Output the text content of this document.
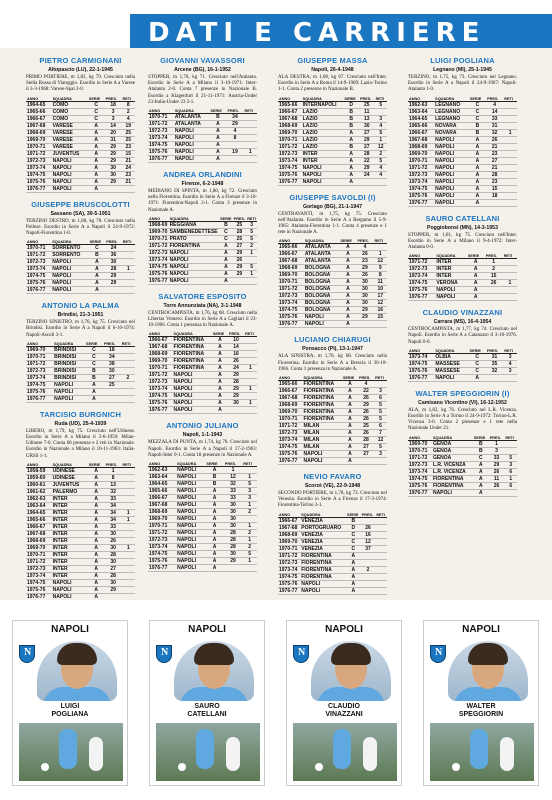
DATI E CARRIERE
PIETRO CARMIGNANI
Altopascio (LU), 22-1-1945
PRIMO PORTIERE, m 1,82, kg 79. Cresciuto nella Stella Rossa di Viareggio. Esordio in Serie A a Varese il 3-3-1968: Varese-Spal 2-0.
ANNO	SQUADRA	SERIE	PRES.	RETI
1964-65	COMO	C	18	8
1965-66	COMO	C	3	2
1966-67	COMO	C	3	4
1967-68	VARESE	A	14	19
1968-69	VARESE	A	20	25
1969-70	VARESE	A	31	25
1970-71	VARESE	A	29	23
1971-72	JUVENTUS	A	29	15
1972-73	NAPOLI	A	29	21
1973-74	NAPOLI	A	30	24
1974-75	NAPOLI	A	30	23
1975-76	NAPOLI	A	29	21
1976-77	NAPOLI	A		
GIUSEPPE BRUSCOLOTTI
Sassano (SA), 30-5-1951
TERZINO DESTRO, m 1,80, kg 78. Cresciuto nella Pollese. Esordio in Serie A a Napoli il 24-9-1972: Napoli-Fiorentina 1-0.
ANNO	SQUADRA	SERIE	PRES.	RETI
1970-71	SORRENTO	C	24	
1971-72	SORRENTO	B	36	
1972-73	NAPOLI	A	30	
1973-74	NAPOLI	A	28	1
1974-75	NAPOLI	A	29	
1975-76	NAPOLI	A	29	
1976-77	NAPOLI	A		
ANTONIO LA PALMA
Brindisi, 21-3-1951
TERZINO SINISTRO, m 1,76, kg 75. Cresciuto nel Brindisi. Esordio in Serie A a Napoli il 6-10-1974: Napoli-Ascoli 3-1.
ANNO	SQUADRA	SERIE	PRES.	RETI
1969-70	BRINDISI	C	18	
1970-71	BRINDISI	C	34	
1971-72	BRINDISI	C	38	
1972-73	BRINDISI	B	30	
1973-74	BRINDISI	B	27	2
1974-75	NAPOLI	A	25	
1975-76	NAPOLI	A		
1976-77	NAPOLI	A		
TARCISIO BURGNICH
Ruda (UD), 25-4-1939
LIBERO, m 1,79, kg 75. Cresciuto nell'Udinese. Esordio in Serie A a Milano il 2-6-1959: Milan-Udinese 7-0. Conta 66 presenze e 2 reti in Nazionale. Esordio in Nazionale a Milano il 10-11-1963: Italia-URSS 1-1.
ANNO	SQUADRA	SERIE	PRES.	RETI
1958-59	UDINESE	A	1	
1959-60	UDINESE	A	8	
1960-61	JUVENTUS	A	13	
1961-62	PALERMO	A	32	
1962-63	INTER	A	33	
1963-64	INTER	A	34	
1964-65	INTER	A	34	1
1965-66	INTER	A	34	1
1966-67	INTER	A	33	
1967-68	INTER	A	30	
1968-69	INTER	A	26	
1969-70	INTER	A	30	1
1970-71	INTER	A	28	
1971-72	INTER	A	30	
1972-73	INTER	A	27	
1973-74	INTER	A	28	
1974-75	NAPOLI	A	30	
1975-76	NAPOLI	A	29	
1976-77	NAPOLI	A		
GIOVANNI VAVASSORI
Arcene (BG), 16-1-1952
STOPPER, m 1,76, kg 71. Cresciuto nell'Atalanta. Esordio in Serie A a Milano il 3-10-1971: Inter-Atalanta 2-0. Conta 7 presenze in Nazionale B. Esordio a Klagenfurt il 21-11-1971: Austria-Under 23-Italia-Under 23 2-1.
ANNO	SQUADRA	SERIE	PRES.	RETI
1970-71	ATALANTA	B	34	
1971-72	ATALANTA	A	29	
1972-73	NAPOLI	A	4	
1973-74	NAPOLI	A	8	
1974-75	NAPOLI	A		
1975-76	NAPOLI	A	19	1
1976-77	NAPOLI	A		
ANDREA ORLANDINI
Firenze, 6-2-1948
MEDIANO DI SPINTA, m 1,80, kg 72. Cresciuto nella Fiorentina. Esordio in Serie A a Firenze il 3-10-1971: Fiorentina-Napoli 2-1. Conta 3 presenze in Nazionale A.
ANNO	SQUADRA	SERIE	PRES.	RETI
1968-69	REGGIANA	B	25	3
1969-70	SAMBENEDETTESE	C	28	5
1970-71	PRATO	C	25	5
1971-72	FIORENTINA	A	27	2
1972-73	NAPOLI	A	29	1
1973-74	NAPOLI	A	26	
1974-75	NAPOLI	A	29	5
1975-76	NAPOLI	A	29	1
1976-77	NAPOLI	A		
SALVATORE ESPOSITO
Torre Annunziata (NA), 3-1-1948
CENTROCAMPISTA, m 1,76, kg 68. Cresciuto nella Libertas Vomero. Esordio in Serie A a Cagliari il 23-10-1966. Conta 1 presenza in Nazionale A.
ANNO	SQUADRA	SERIE	PRES.	RETI
1966-67	FIORENTINA	A	10	
1967-68	FIORENTINA	A	14	
1968-69	FIORENTINA	A	16	
1969-70	FIORENTINA	A	26	
1970-71	FIORENTINA	A	24	1
1971-72	NAPOLI	A	29	
1972-73	NAPOLI	A	28	
1973-74	NAPOLI	A	29	1
1974-75	NAPOLI	A	29	
1975-76	NAPOLI	A	30	1
1976-77	NAPOLI	A		
ANTONIO JULIANO
Napoli, 1-1-1943
MEZZALA DI PUNTA, m 1,74, kg 70. Cresciuto nel Napoli. Esordio in Serie A a Napoli il 17-2-1963: Napoli-Inter 0-1. Conta 18 presenze in Nazionale A.
ANNO	SQUADRA	SERIE	PRES.	RETI
1962-63	NAPOLI	A	1	
1963-64	NAPOLI	B	12	1
1964-65	NAPOLI	B	32	5
1965-66	NAPOLI	A	33	3
1966-67	NAPOLI	A	33	3
1967-68	NAPOLI	A	30	1
1968-69	NAPOLI	A	30	2
1969-70	NAPOLI	A	30	
1970-71	NAPOLI	A	30	1
1971-72	NAPOLI	A	28	2
1972-73	NAPOLI	A	28	1
1973-74	NAPOLI	A	28	2
1974-75	NAPOLI	A	30	5
1975-76	NAPOLI	A	29	1
1976-77	NAPOLI	A		
GIUSEPPE MASSA
Napoli, 26-4-1948
ALA DESTRA, m 1,68, kg 67. Cresciuto nell'Inter. Esordio in Serie A a Roma il 14-9-1969: Lazio-Torino 1-1. Conta 2 presenze in Nazionale B.
ANNO	SQUADRA	SERIE	PRES.	RETI
1965-66	INTERNAPOLI	D	25	5
1966-67	LAZIO	B	11	
1967-68	LAZIO	B	13	3
1968-69	LAZIO	B	30	4
1969-70	LAZIO	A	27	5
1970-71	LAZIO	A	29	1
1971-72	LAZIO	B	27	12
1972-73	INTER	A	28	2
1973-74	INTER	A	22	5
1974-75	NAPOLI	A	29	4
1975-76	NAPOLI	A	24	4
1976-77	NAPOLI	A		
GIUSEPPE SAVOLDI (I)
Gorlago (BG), 21-1-1947
CENTRAVANTI, m 1,75, kg 75. Cresciuto nell'Atalanta. Esordio in Serie A a Bergamo il 5-9-1965: Atalanta-Fiorentina 1-1. Conta 4 presenze e 1 rete in Nazionale A.
ANNO	SQUADRA	SERIE	PRES.	RETI
1965-66	ATALANTA	A	4	
1966-67	ATALANTA	A	26	1
1967-68	ATALANTA	A	23	12
1968-69	BOLOGNA	A	29	9
1969-70	BOLOGNA	A	26	8
1970-71	BOLOGNA	A	30	11
1971-72	BOLOGNA	A	30	10
1972-73	BOLOGNA	A	30	17
1973-74	BOLOGNA	A	30	12
1974-75	BOLOGNA	A	29	16
1975-76	NAPOLI	A	29	15
1976-77	NAPOLI	A		
LUCIANO CHIARUGI
Ponsacco (PI), 13-1-1947
ALA SINISTRA, m 1,70, kg 68. Cresciuto nella Fiorentina. Esordio in Serie A a Brescia il 30-10-1966. Conta 1 presenza in Nazionale A.
ANNO	SQUADRA	SERIE	PRES.	RETI
1965-66	FIORENTINA	A	4	
1966-67	FIORENTINA	A	22	3
1967-68	FIORENTINA	A	26	6
1968-69	FIORENTINA	A	29	5
1969-70	FIORENTINA	A	26	5
1970-71	FIORENTINA	A	26	5
1971-72	MILAN	A	25	6
1972-73	MILAN	A	26	7
1973-74	MILAN	A	28	12
1974-75	MILAN	A	27	5
1975-76	NAPOLI	A	27	3
1976-77	NAPOLI	A		
NEVIO FAVARO
Scorzè (VE), 22-9-1948
SECONDO PORTIERE, m 1,78, kg 72. Cresciuto nel Venezia. Esordio in Serie A a Firenze il 17-3-1974: Fiorentina-Torino 3-1.
ANNO	SQUADRA	SERIE	PRES.	RETI
1966-67	VENEZIA	B		
1967-68	PORTOGRUARO	D	26	
1968-69	VENEZIA	C	16	
1969-70	VENEZIA	C	12	
1970-71	VENEZIA	C	37	
1971-72	FIORENTINA	A		
1972-73	FIORENTINA	A		
1973-74	FIORENTINA	A	2	
1974-75	FIORENTINA	A		
1975-76	NAPOLI	A		
1976-77	NAPOLI	A		
LUIGI POGLIANA
Legnano (MI), 25-1-1945
TERZINO, m 1,75, kg 73. Cresciuto nel Legnano. Esordio in Serie A a Napoli il 24-9-1967: Napoli-Atalanta 1-0.
ANNO	SQUADRA	SERIE	PRES.	RETI
1962-63	LEGNANO	C	4	
1963-64	LEGNANO	C	14	
1964-65	LEGNANO	C	33	
1965-66	NOVARA	B	31	
1966-67	NOVARA	B	32	1
1967-68	NAPOLI	A	26	
1968-69	NAPOLI	A	21	
1969-70	NAPOLI	A	23	
1970-71	NAPOLI	A	27	
1971-72	NAPOLI	A	21	
1972-73	NAPOLI	A	28	
1973-74	NAPOLI	A	23	
1974-75	NAPOLI	A	15	
1975-76	NAPOLI	A	18	
1976-77	NAPOLI	A		
SAURO CATELLANI
Poggiobonsi (MN), 14-3-1953
STOPPER, m 1,81, kg 75. Cresciuto nell'Inter. Esordio in Serie A a Milano il 9-4-1972: Inter-Atalanta 0-0.
ANNO	SQUADRA	SERIE	PRES.	RETI
1971-72	INTER	A	1	
1972-73	INTER	A	2	
1973-74	INTER	A	15	
1974-75	VERONA	A	26	1
1975-76	NAPOLI	A		
1976-77	NAPOLI	A		
CLAUDIO VINAZZANI
Carrara (MS), 16-4-1954
CENTROCAMPISTA, m 1,77, kg 74. Cresciuto nel Napoli. Esordio in Serie A a Catanzaro il 3-10-1976. Napoli 0-0.
ANNO	SQUADRA	SERIE	PRES.	RETI
1973-74	OLBIA	C	31	3
1974-75	MASSESE	C	35	4
1975-76	MASSESE	C	32	3
1976-77	NAPOLI	A		
WALTER SPEGGIORIN (I)
Camisano Vicentino (VI), 16-12-1952
ALA, m 1,82, kg 76. Cresciuto nel L.R. Vicenza. Esordio in Serie A a Torino il 24-9-1972: Torino-L.R. Vicenza 3-0. Conta 2 presenze e 1 rete nella Nazionale Under 21.
ANNO	SQUADRA	SERIE	PRES.	RETI
1969-70	GENOA	B	1	
1970-71	GENOA	B	3	
1971-72	GENOA	C	33	5
1972-73	L.R. VICENZA	A	29	3
1973-74	L.R. VICENZA	A	26	6
1974-75	FIORENTINA	A	11	1
1975-76	FIORENTINA	A	26	6
1976-77	NAPOLI	A		
NAPOLI
N
LUIGI
POGLIANA
NAPOLI
N
SAURO
CATELLANI
NAPOLI
N
CLAUDIO
VINAZZANI
NAPOLI
N
WALTER
SPEGGIORIN
